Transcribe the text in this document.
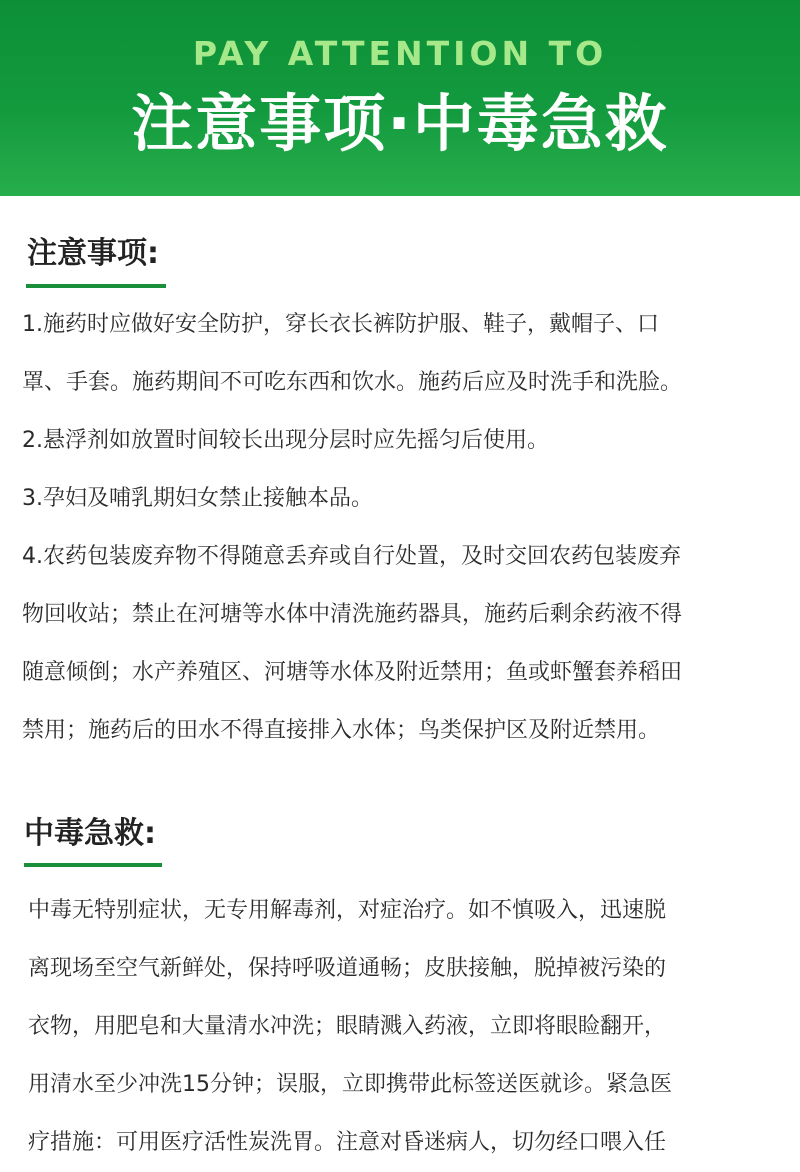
PAY ATTENTION TO
注意事项·中毒急救
注意事项:
1.施药时应做好安全防护，穿长衣长裤防护服、鞋子，戴帽子、口
罩、手套。施药期间不可吃东西和饮水。施药后应及时洗手和洗脸。
2.悬浮剂如放置时间较长出现分层时应先摇匀后使用。
3.孕妇及哺乳期妇女禁止接触本品。
4.农药包装废弃物不得随意丢弃或自行处置，及时交回农药包装废弃
物回收站；禁止在河塘等水体中清洗施药器具，施药后剩余药液不得
随意倾倒；水产养殖区、河塘等水体及附近禁用；鱼或虾蟹套养稻田
禁用；施药后的田水不得直接排入水体；鸟类保护区及附近禁用。
中毒急救:
中毒无特别症状，无专用解毒剂，对症治疗。如不慎吸入，迅速脱
离现场至空气新鲜处，保持呼吸道通畅；皮肤接触，脱掉被污染的
衣物，用肥皂和大量清水冲洗；眼睛溅入药液，立即将眼睑翻开，
用清水至少冲洗15分钟；误服，立即携带此标签送医就诊。紧急医
疗措施：可用医疗活性炭洗胃。注意对昏迷病人，切勿经口喂入任
